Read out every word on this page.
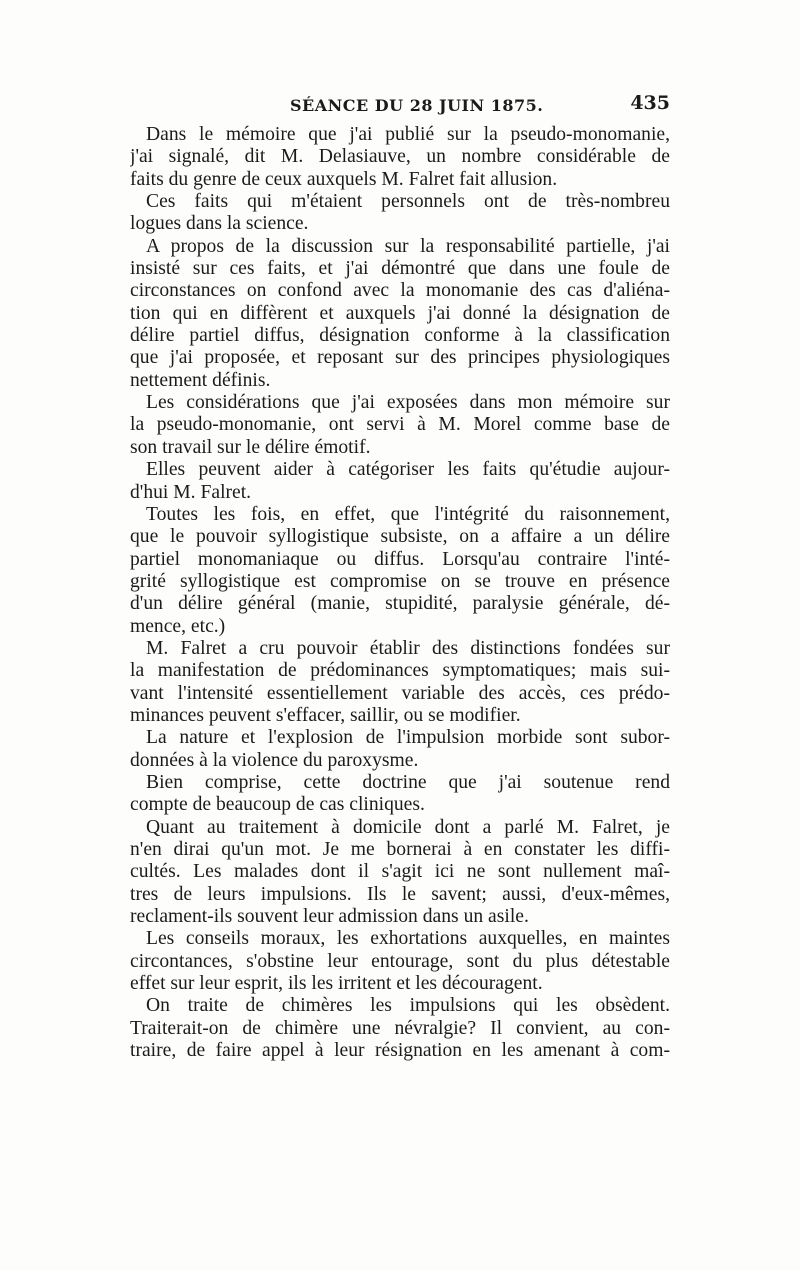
SÉANCE DU 28 JUIN 1875.	435
Dans le mémoire que j'ai publié sur la pseudo-monomanie,
j'ai signalé, dit M. Delasiauve, un nombre considérable de
faits du genre de ceux auxquels M. Falret fait allusion.
Ces faits qui m'étaient personnels ont de très-nombreu
logues dans la science.
A propos de la discussion sur la responsabilité partielle, j'ai
insisté sur ces faits, et j'ai démontré que dans une foule de
circonstances on confond avec la monomanie des cas d'aliéna-
tion qui en diffèrent et auxquels j'ai donné la désignation de
délire partiel diffus, désignation conforme à la classification
que j'ai proposée, et reposant sur des principes physiologiques
nettement définis.
Les considérations que j'ai exposées dans mon mémoire sur
la pseudo-monomanie, ont servi à M. Morel comme base de
son travail sur le délire émotif.
Elles peuvent aider à catégoriser les faits qu'étudie aujour-
d'hui M. Falret.
Toutes les fois, en effet, que l'intégrité du raisonnement,
que le pouvoir syllogistique subsiste, on a affaire a un délire
partiel monomaniaque ou diffus. Lorsqu'au contraire l'inté-
grité syllogistique est compromise on se trouve en présence
d'un délire général (manie, stupidité, paralysie générale, dé-
mence, etc.)
M. Falret a cru pouvoir établir des distinctions fondées sur
la manifestation de prédominances symptomatiques; mais sui-
vant l'intensité essentiellement variable des accès, ces prédo-
minances peuvent s'effacer, saillir, ou se modifier.
La nature et l'explosion de l'impulsion morbide sont subor-
données à la violence du paroxysme.
Bien comprise, cette doctrine que j'ai soutenue rend
compte de beaucoup de cas cliniques.
Quant au traitement à domicile dont a parlé M. Falret, je
n'en dirai qu'un mot. Je me bornerai à en constater les diffi-
cultés. Les malades dont il s'agit ici ne sont nullement maî-
tres de leurs impulsions. Ils le savent; aussi, d'eux-mêmes,
reclament-ils souvent leur admission dans un asile.
Les conseils moraux, les exhortations auxquelles, en maintes
circontances, s'obstine leur entourage, sont du plus détestable
effet sur leur esprit, ils les irritent et les découragent.
On traite de chimères les impulsions qui les obsèdent.
Traiterait-on de chimère une névralgie? Il convient, au con-
traire, de faire appel à leur résignation en les amenant à com-
